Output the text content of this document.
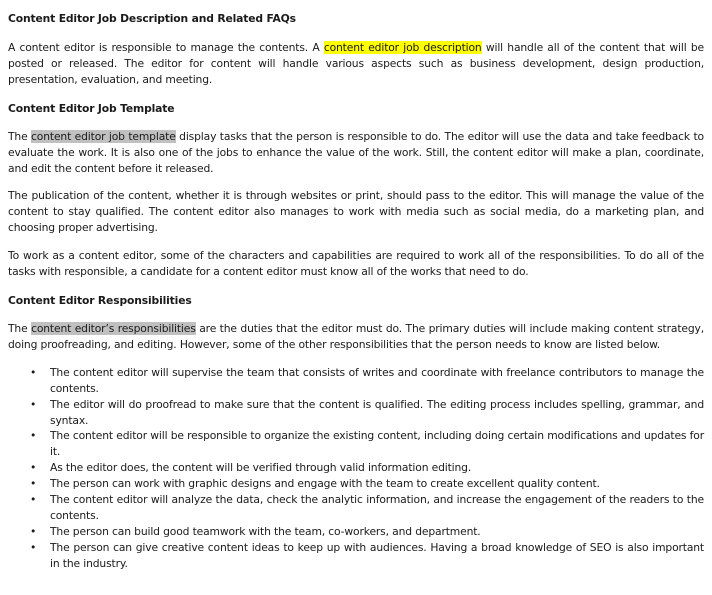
Content Editor Job Description and Related FAQs

A content editor is responsible to manage the contents. A content editor job description will handle all of the content that will be posted or released. The editor for content will handle various aspects such as business development, design production, presentation, evaluation, and meeting.

Content Editor Job Template

The content editor job template display tasks that the person is responsible to do. The editor will use the data and take feedback to evaluate the work. It is also one of the jobs to enhance the value of the work. Still, the content editor will make a plan, coordinate, and edit the content before it released.

The publication of the content, whether it is through websites or print, should pass to the editor. This will manage the value of the content to stay qualified. The content editor also manages to work with media such as social media, do a marketing plan, and choosing proper advertising.

To work as a content editor, some of the characters and capabilities are required to work all of the responsibilities. To do all of the tasks with responsible, a candidate for a content editor must know all of the works that need to do.

Content Editor Responsibilities

The content editor’s responsibilities are the duties that the editor must do. The primary duties will include making content strategy, doing proofreading, and editing. However, some of the other responsibilities that the person needs to know are listed below.

• The content editor will supervise the team that consists of writes and coordinate with freelance contributors to manage the contents.
• The editor will do proofread to make sure that the content is qualified. The editing process includes spelling, grammar, and syntax.
• The content editor will be responsible to organize the existing content, including doing certain modifications and updates for it.
• As the editor does, the content will be verified through valid information editing.
• The person can work with graphic designs and engage with the team to create excellent quality content.
• The content editor will analyze the data, check the analytic information, and increase the engagement of the readers to the contents.
• The person can build good teamwork with the team, co-workers, and department.
• The person can give creative content ideas to keep up with audiences. Having a broad knowledge of SEO is also important in the industry.
